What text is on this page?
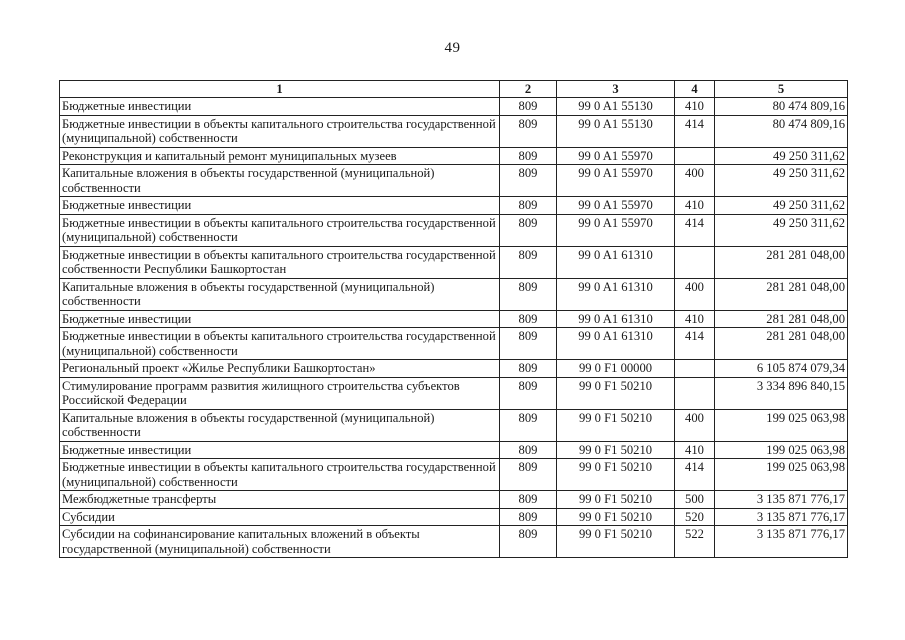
49
1	2	3	4	5
Бюджетные инвестиции	809	99 0 A1 55130	410	80 474 809,16
Бюджетные инвестиции в объекты капитального строительства государственной (муниципальной) собственности	809	99 0 A1 55130	414	80 474 809,16
Реконструкция и капитальный ремонт муниципальных музеев	809	99 0 A1 55970		49 250 311,62
Капитальные вложения в объекты государственной (муниципальной) собственности	809	99 0 A1 55970	400	49 250 311,62
Бюджетные инвестиции	809	99 0 A1 55970	410	49 250 311,62
Бюджетные инвестиции в объекты капитального строительства государственной (муниципальной) собственности	809	99 0 A1 55970	414	49 250 311,62
Бюджетные инвестиции в объекты капитального строительства государственной собственности Республики Башкортостан	809	99 0 A1 61310		281 281 048,00
Капитальные вложения в объекты государственной (муниципальной) собственности	809	99 0 A1 61310	400	281 281 048,00
Бюджетные инвестиции	809	99 0 A1 61310	410	281 281 048,00
Бюджетные инвестиции в объекты капитального строительства государственной (муниципальной) собственности	809	99 0 A1 61310	414	281 281 048,00
Региональный проект «Жилье Республики Башкортостан»	809	99 0 F1 00000		6 105 874 079,34
Стимулирование программ развития жилищного строительства субъектов Российской Федерации	809	99 0 F1 50210		3 334 896 840,15
Капитальные вложения в объекты государственной (муниципальной) собственности	809	99 0 F1 50210	400	199 025 063,98
Бюджетные инвестиции	809	99 0 F1 50210	410	199 025 063,98
Бюджетные инвестиции в объекты капитального строительства государственной (муниципальной) собственности	809	99 0 F1 50210	414	199 025 063,98
Межбюджетные трансферты	809	99 0 F1 50210	500	3 135 871 776,17
Субсидии	809	99 0 F1 50210	520	3 135 871 776,17
Субсидии на софинансирование капитальных вложений в объекты государственной (муниципальной) собственности	809	99 0 F1 50210	522	3 135 871 776,17
